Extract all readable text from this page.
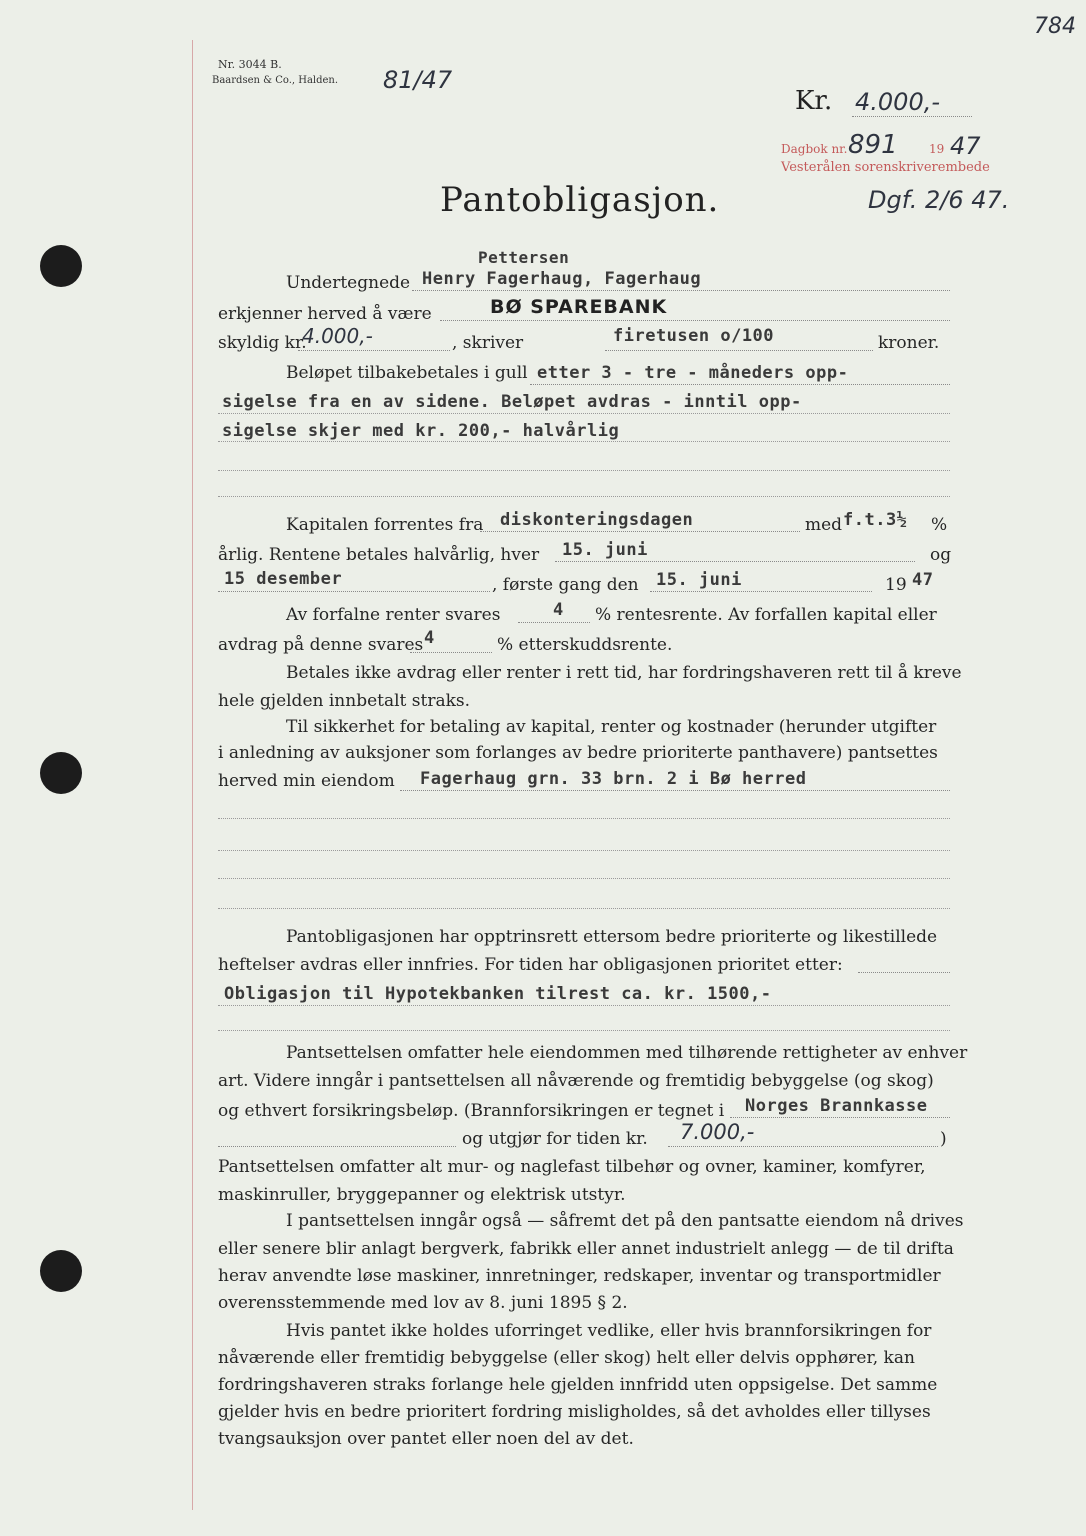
Nr. 3044 B.
Baardsen & Co., Halden. 81/47
784
Kr. 4.000,-
Dagbok nr. 891	19 47
Vesterålen sorenskriveremb​ede
Dgf. 2/6 47.
Pantobligasjon.
Undertegnede
Pettersen
Henry Fagerhaug, Fagerhaug
erkjenner herved å være	BØ SPAREBANK
skyldig kr.
4.000,-	, skriver	firetusen o/100	kroner.
Beløpet tilbakebetales i gull etter 3 - tre - måneders opp-
sigelse fra en av sidene. Beløpet avdras - inntil opp-
sigelse skjer med kr. 200,- halvårlig
Kapitalen forrentes fra diskonteringsdagen	med f.t.3½ %
årlig. Rentene betales halvårlig, hver 15. juni	og
15 desember	, første gang den 15. juni	19 47
Av forfalne renter svares	4 % rentesrente. Av forfallen kapital eller
avdrag på denne svares 4	% etterskuddsrente.
Betales ikke avdrag eller renter i rett tid, har fordringshaveren rett til å kreve
hele gjelden innbetalt straks.
Til sikkerhet for betaling av kapital, renter og kostnader (herunder utgifter
i anledning av auksjoner som forlanges av bedre prioriterte panthavere) pantsettes
herved min eiendom Fagerhaug grn. 33 brn. 2 i Bø herred
Pantobligasjonen har opptrinsrett ettersom bedre prioriterte og likestillede
heftelser avdras eller innfries. For tiden har obligasjonen prioritet etter:
Obligasjon til Hypotekbanken tilrest ca. kr. 1500,-
Pantsettelsen omfatter hele eiendommen med tilhørende rettigheter av enhver
art. Videre inngår i pantsettelsen all nåværende og fremtidig bebyggelse (og skog)
og ethvert forsikringsbeløp. (Brannforsikringen er tegnet i Norges Brannkasse
og utgjør for tiden kr. 7.000,-	)
Pantsettelsen omfatter alt mur- og naglefast tilbehør og ovner, kaminer, komfyrer,
maskinruller, bryggepanner og elektrisk utstyr.
I pantsettelsen inngår også — såfremt det på den pantsatte eiendom nå drives
eller senere blir anlagt bergverk, fabrikk eller annet industrielt anlegg — de til drifta
herav anvendte løse maskiner, innretninger, redskaper, inventar og transportmidler
overensstemmende med lov av 8. juni 1895 § 2.
Hvis pantet ikke holdes uforringet vedlike, eller hvis brannforsikringen for
nåværende eller fremtidig bebyggelse (eller skog) helt eller delvis opphører, kan
fordringshaveren straks forlange hele gjelden innfridd uten oppsigelse. Det samme
gjelder hvis en bedre prioritert fordring misligholdes, så det avholdes eller tillyses
tvangsauksjon over pantet eller noen del av det.
